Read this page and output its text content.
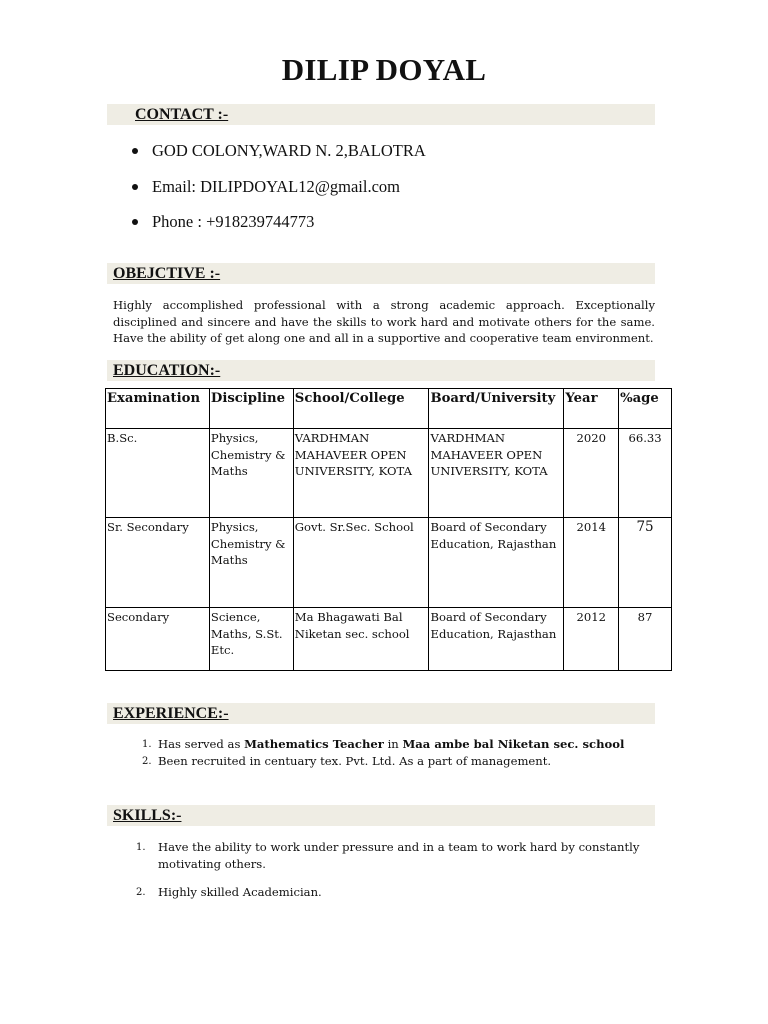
DILIP DOYAL
CONTACT :-
GOD COLONY,WARD N. 2,BALOTRA
Email: DILIPDOYAL12@gmail.com
Phone : +918239744773
OBEJCTIVE :-

Highly accomplished professional with a strong academic approach. Exceptionally disciplined and sincere and have the skills to work hard and motivate others for the same. Have the ability of get along one and all in a supportive and cooperative team environment.

EDUCATION:-
Examination	Discipline	School/College	Board/University	Year	%age
B.Sc.	Physics, Chemistry & Maths	VARDHMAN MAHAVEER OPEN UNIVERSITY, KOTA	VARDHMAN MAHAVEER OPEN UNIVERSITY, KOTA	2020	66.33
Sr. Secondary	Physics, Chemistry & Maths	Govt. Sr.Sec. School	Board of Secondary Education, Rajasthan	2014	75
Secondary	Science, Maths, S.St. Etc.	Ma Bhagawati Bal Niketan sec. school	Board of Secondary Education, Rajasthan	2012	87
EXPERIENCE:-
1. Has served as Mathematics Teacher in Maa ambe bal Niketan sec. school
2. Been recruited in centuary tex. Pvt. Ltd. As a part of management.
SKILLS:-
1. Have the ability to work under pressure and in a team to work hard by constantly motivating others.
2. Highly skilled Academician.
